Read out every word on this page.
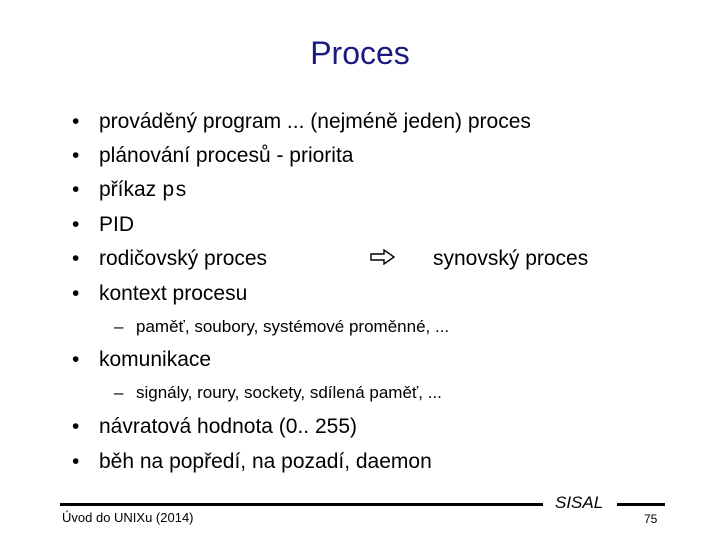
Proces
• prováděný program ... (nejméně jeden) proces
• plánování procesů - priorita
• příkaz ps
• PID
• rodičovský proces	synovský proces
• kontext procesu
– paměť, soubory, systémové proměnné, ...
• komunikace
– signály, roury, sockety, sdílená paměť, ...
• návratová hodnota (0.. 255)
• běh na popředí, na pozadí, daemon
Úvod do UNIXu (2014)
SISAL
75
